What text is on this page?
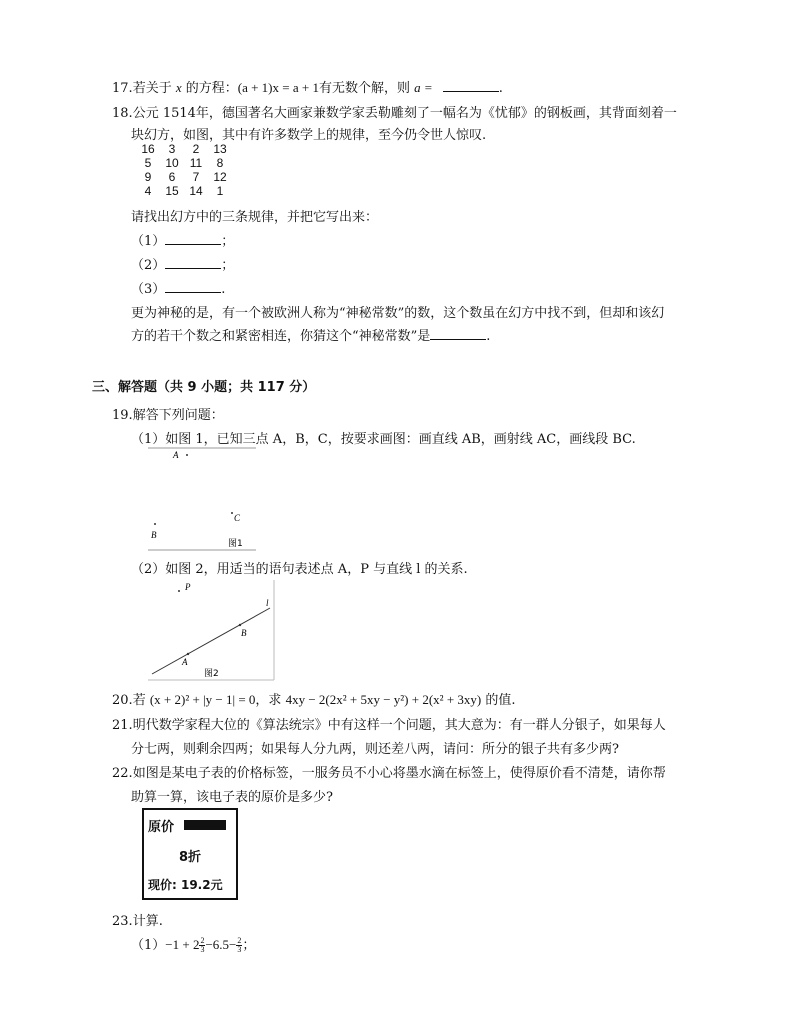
17.若关于 x 的方程：(a + 1)x = a + 1有无数个解，则 a =	.
18.公元 1514年，德国著名大画家兼数学家丢勒雕刻了一幅名为《忧郁》的钢板画，其背面刻着一
块幻方，如图，其中有许多数学上的规律，至今仍令世人惊叹.
16	3	2	13
5	10 11	8
9	6	7	12
4	15 14	1
请找出幻方中的三条规律，并把它写出来：
（1）	；
（2）	；
（3）	.
更为神秘的是，有一个被欧洲人称为“神秘常数”的数，这个数虽在幻方中找不到，但却和该幻
方的若干个数之和紧密相连，你猜这个“神秘常数”是	.
三、解答题（共 9 小题；共 117 分）
19.解答下列问题：
（1）如图 1，已知三点 A，B，C，按要求画图：画直线 AB，画射线 AC，画线段 BC.
A
C
B
图1
（2）如图 2，用适当的语句表述点 A，P 与直线 l 的关系.
P
l
B
A
图2
20.若 (x + 2)² + |y − 1| = 0，求 4xy − 2(2x² + 5xy − y²) + 2(x² + 3xy) 的值.
21.明代数学家程大位的《算法统宗》中有这样一个问题，其大意为：有一群人分银子，如果每人
分七两，则剩余四两；如果每人分九两，则还差八两，请问：所分的银子共有多少两?
22.如图是某电子表的价格标签，一服务员不小心将墨水滴在标签上，使得原价看不清楚，请你帮
助算一算，该电子表的原价是多少?
原价
8折
现价: 19.2元
23.计算.
$(1)-1 + 2 \frac{2}{3} -6.5- \frac{2}{3}$ ；
